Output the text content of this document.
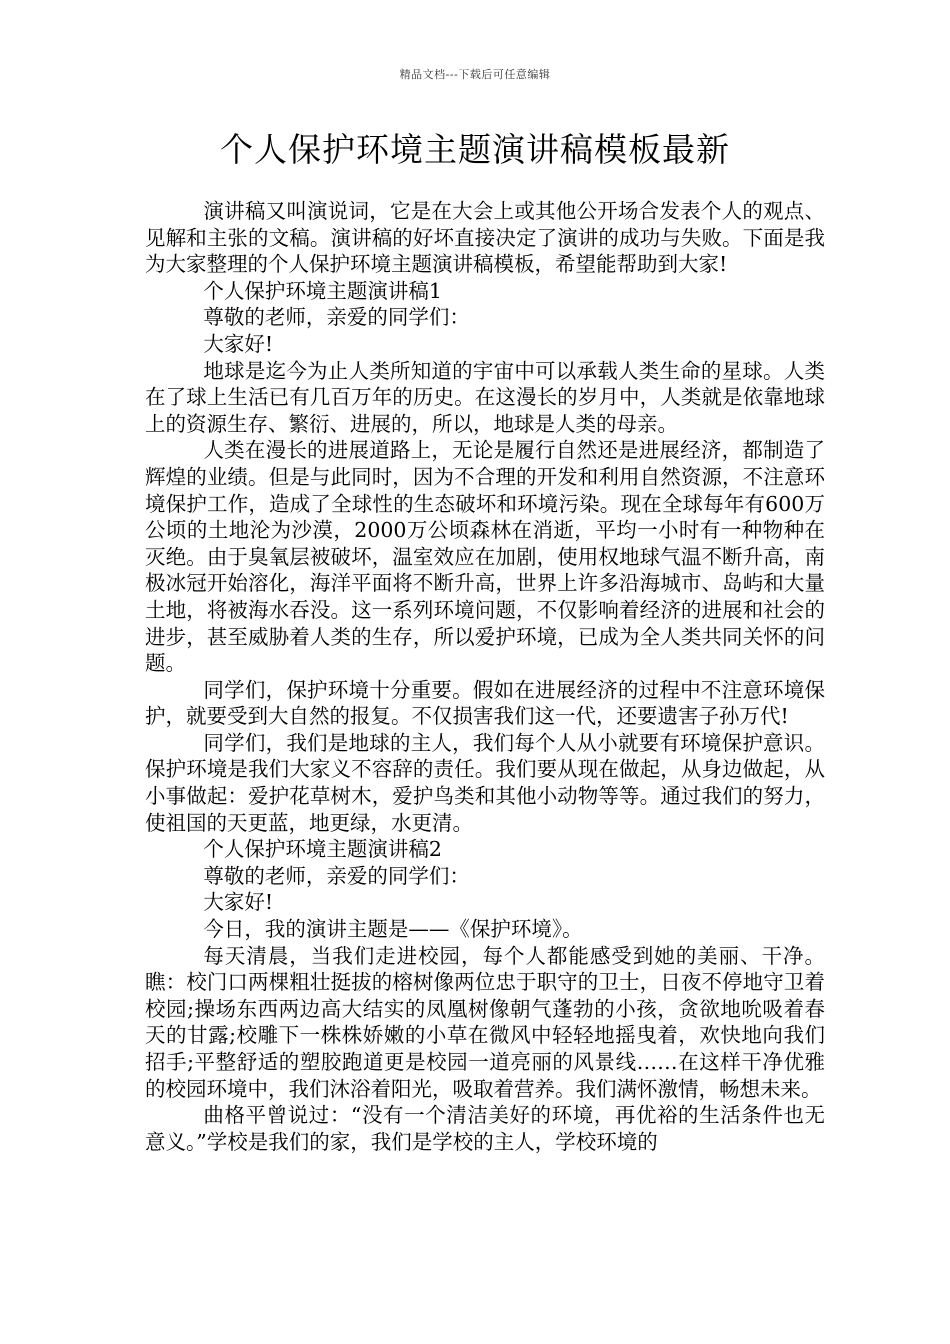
精品文档---下载后可任意编辑
个人保护环境主题演讲稿模板最新

演讲稿又叫演说词，它是在大会上或其他公开场合发表个人的观点、见解和主张的文稿。演讲稿的好坏直接决定了演讲的成功与失败。下面是我为大家整理的个人保护环境主题演讲稿模板，希望能帮助到大家!

个人保护环境主题演讲稿1

尊敬的老师，亲爱的同学们：

大家好!

地球是迄今为止人类所知道的宇宙中可以承载人类生命的星球。人类在了球上生活已有几百万年的历史。在这漫长的岁月中，人类就是依靠地球上的资源生存、繁衍、进展的，所以，地球是人类的母亲。

人类在漫长的进展道路上，无论是履行自然还是进展经济，都制造了辉煌的业绩。但是与此同时，因为不合理的开发和利用自然资源，不注意环境保护工作，造成了全球性的生态破坏和环境污染。现在全球每年有600万公顷的土地沦为沙漠，2000万公顷森林在消逝，平均一小时有一种物种在灭绝。由于臭氧层被破坏，温室效应在加剧，使用权地球气温不断升高，南极冰冠开始溶化，海洋平面将不断升高，世界上许多沿海城市、岛屿和大量土地，将被海水吞没。这一系列环境问题，不仅影响着经济的进展和社会的进步，甚至威胁着人类的生存，所以爱护环境，已成为全人类共同关怀的问题。

同学们，保护环境十分重要。假如在进展经济的过程中不注意环境保护，就要受到大自然的报复。不仅损害我们这一代，还要遗害子孙万代!

同学们，我们是地球的主人，我们每个人从小就要有环境保护意识。保护环境是我们大家义不容辞的责任。我们要从现在做起，从身边做起，从小事做起：爱护花草树木，爱护鸟类和其他小动物等等。通过我们的努力，使祖国的天更蓝，地更绿，水更清。

个人保护环境主题演讲稿2

尊敬的老师，亲爱的同学们：

大家好!

今日，我的演讲主题是——《保护环境》。

每天清晨，当我们走进校园，每个人都能感受到她的美丽、干净。瞧：校门口两棵粗壮挺拔的榕树像两位忠于职守的卫士，日夜不停地守卫着校园;操场东西两边高大结实的凤凰树像朝气蓬勃的小孩，贪欲地吮吸着春天的甘露;校雕下一株株娇嫩的小草在微风中轻轻地摇曳着，欢快地向我们招手;平整舒适的塑胶跑道更是校园一道亮丽的风景线……在这样干净优雅的校园环境中，我们沐浴着阳光，吸取着营养。我们满怀激情，畅想未来。

曲格平曾说过：“没有一个清洁美好的环境，再优裕的生活条件也无意义。”学校是我们的家，我们是学校的主人，学校环境的
